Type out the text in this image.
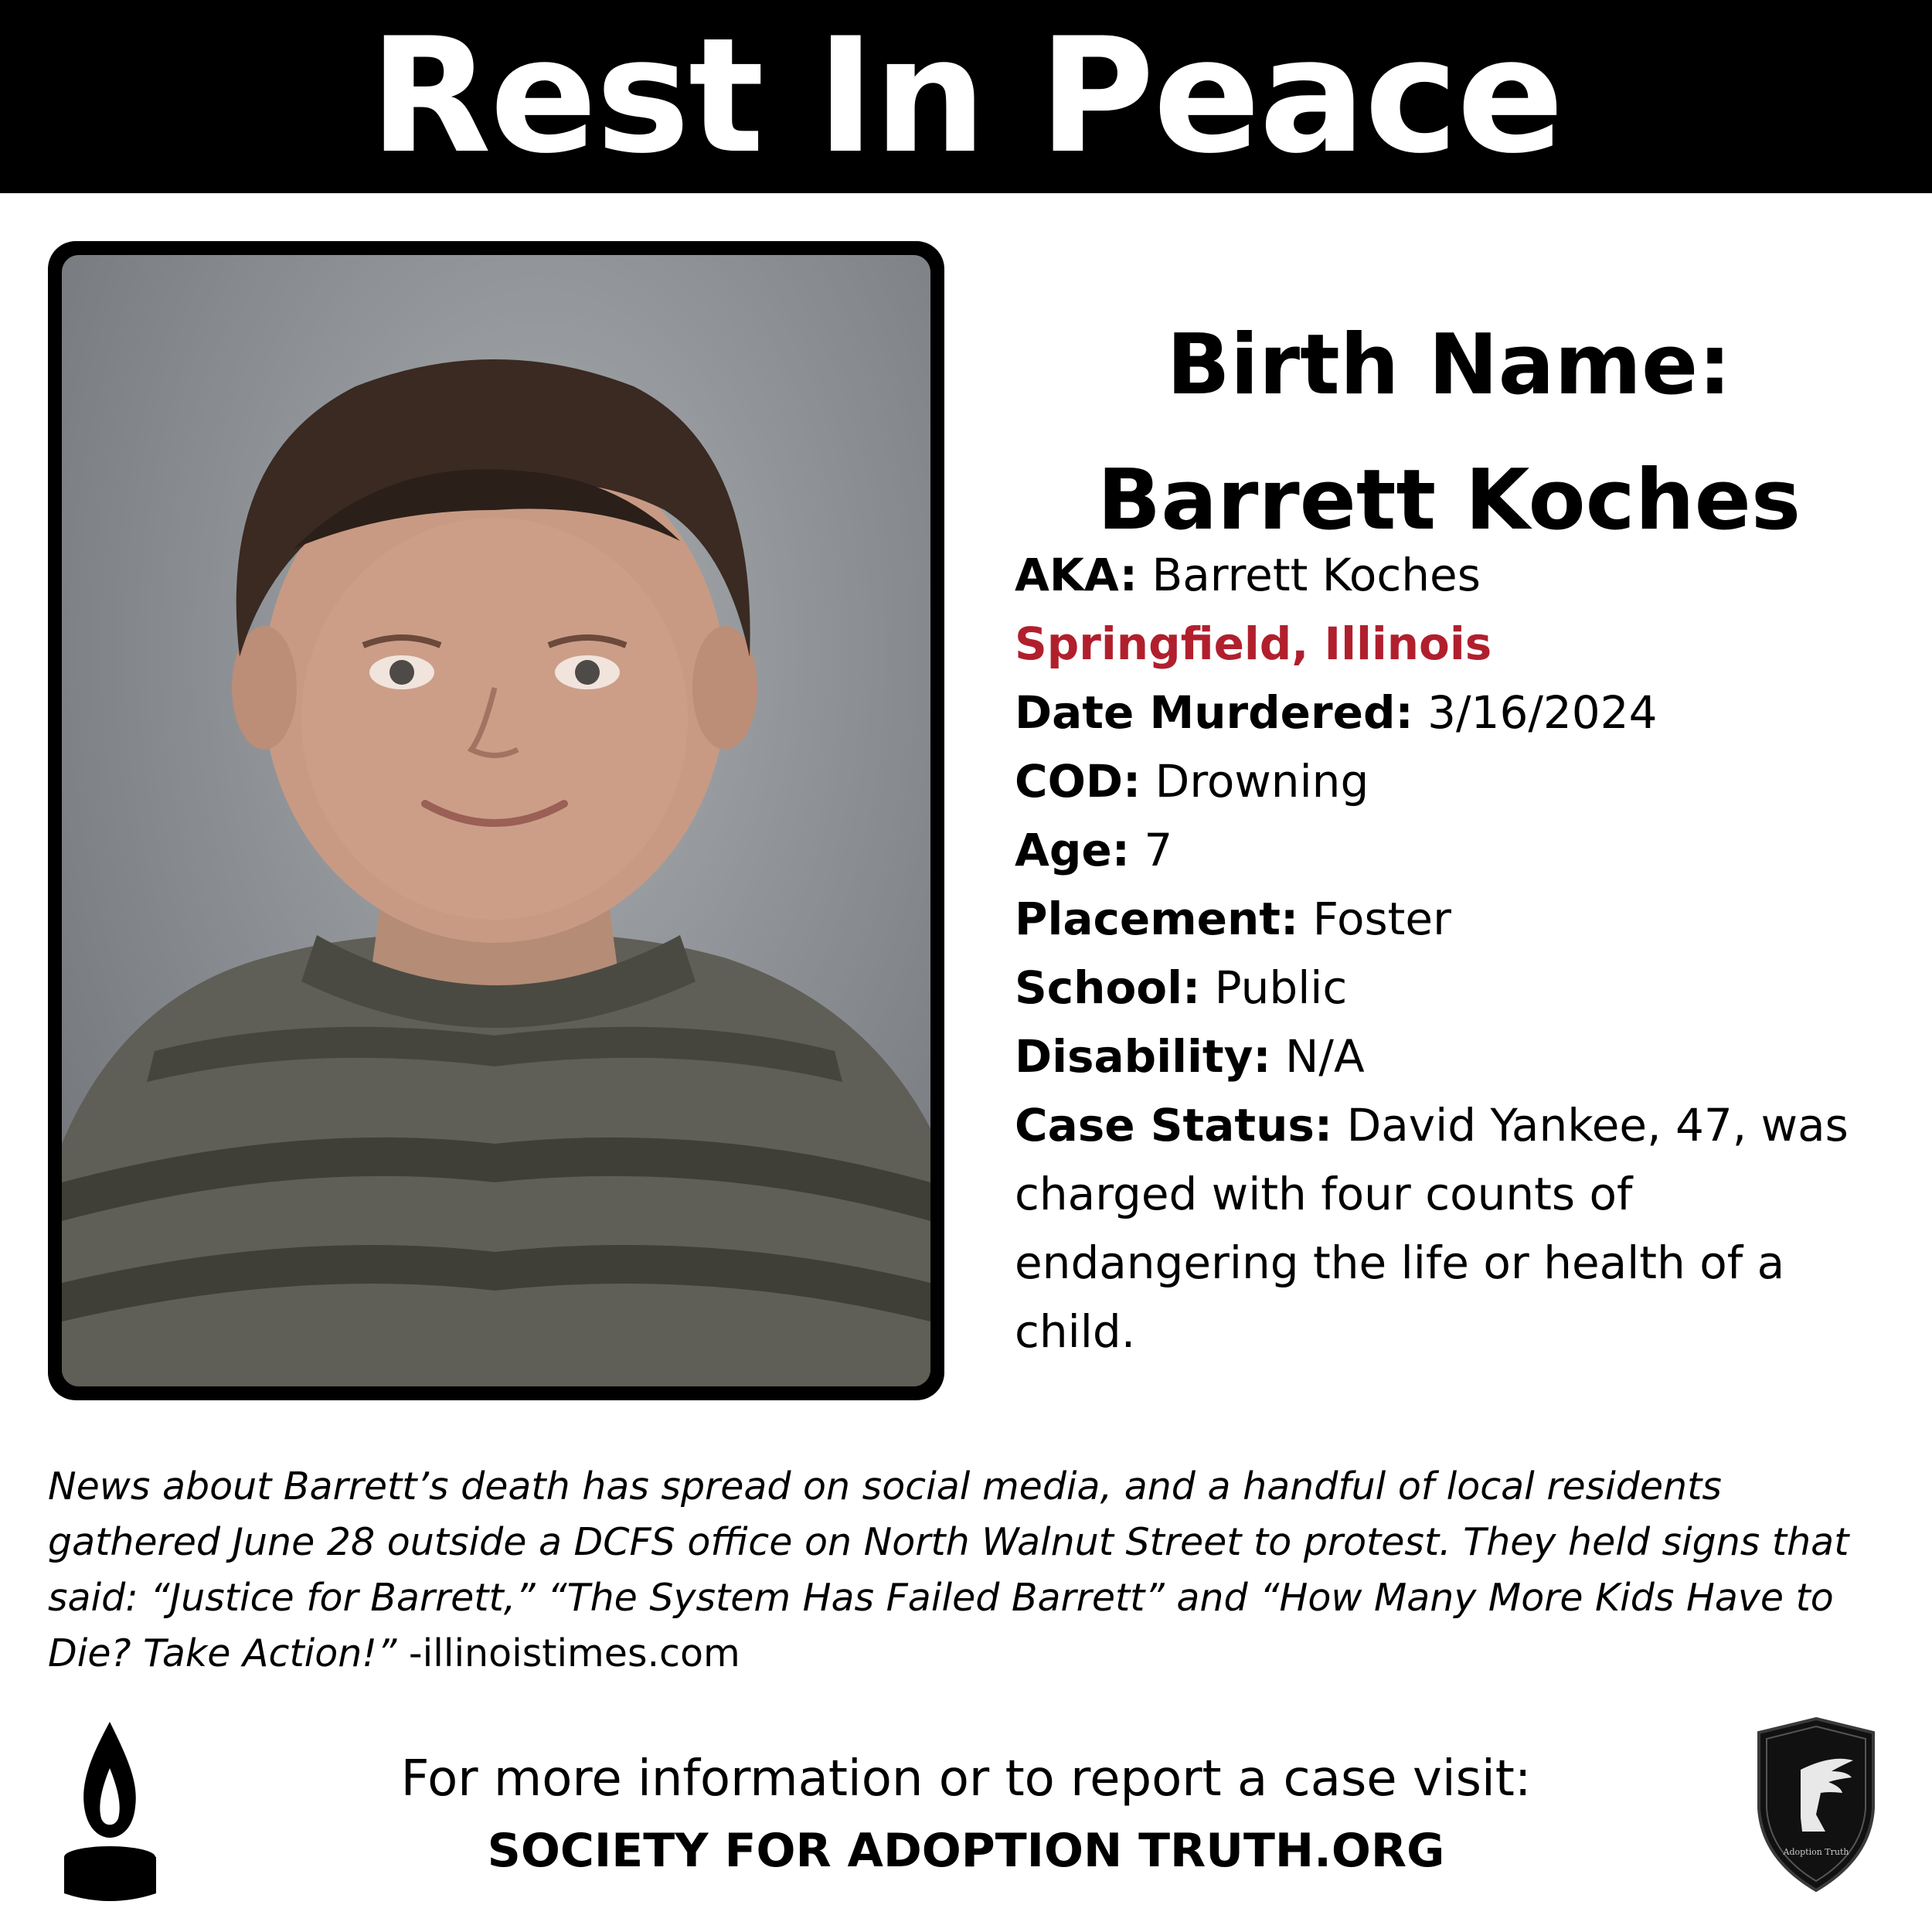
Rest In Peace
Birth Name:
Barrett Koches
AKA: Barrett Koches
Springfield, Illinois
Date Murdered: 3/16/2024
COD: Drowning
Age: 7
Placement: Foster
School: Public
Disability: N/A
Case Status: David Yankee, 47, was charged with four counts of endangering the life or health of a child.
News about Barrett’s death has spread on social media, and a handful of local residents gathered June 28 outside a DCFS office on North Walnut Street to protest. They held signs that said: “Justice for Barrett,” “The System Has Failed Barrett” and “How Many More Kids Have to Die? Take Action!” -illinoistimes.com
Adoption Truth
For more information or to report a case visit:
SOCIETY FOR ADOPTION TRUTH.ORG
